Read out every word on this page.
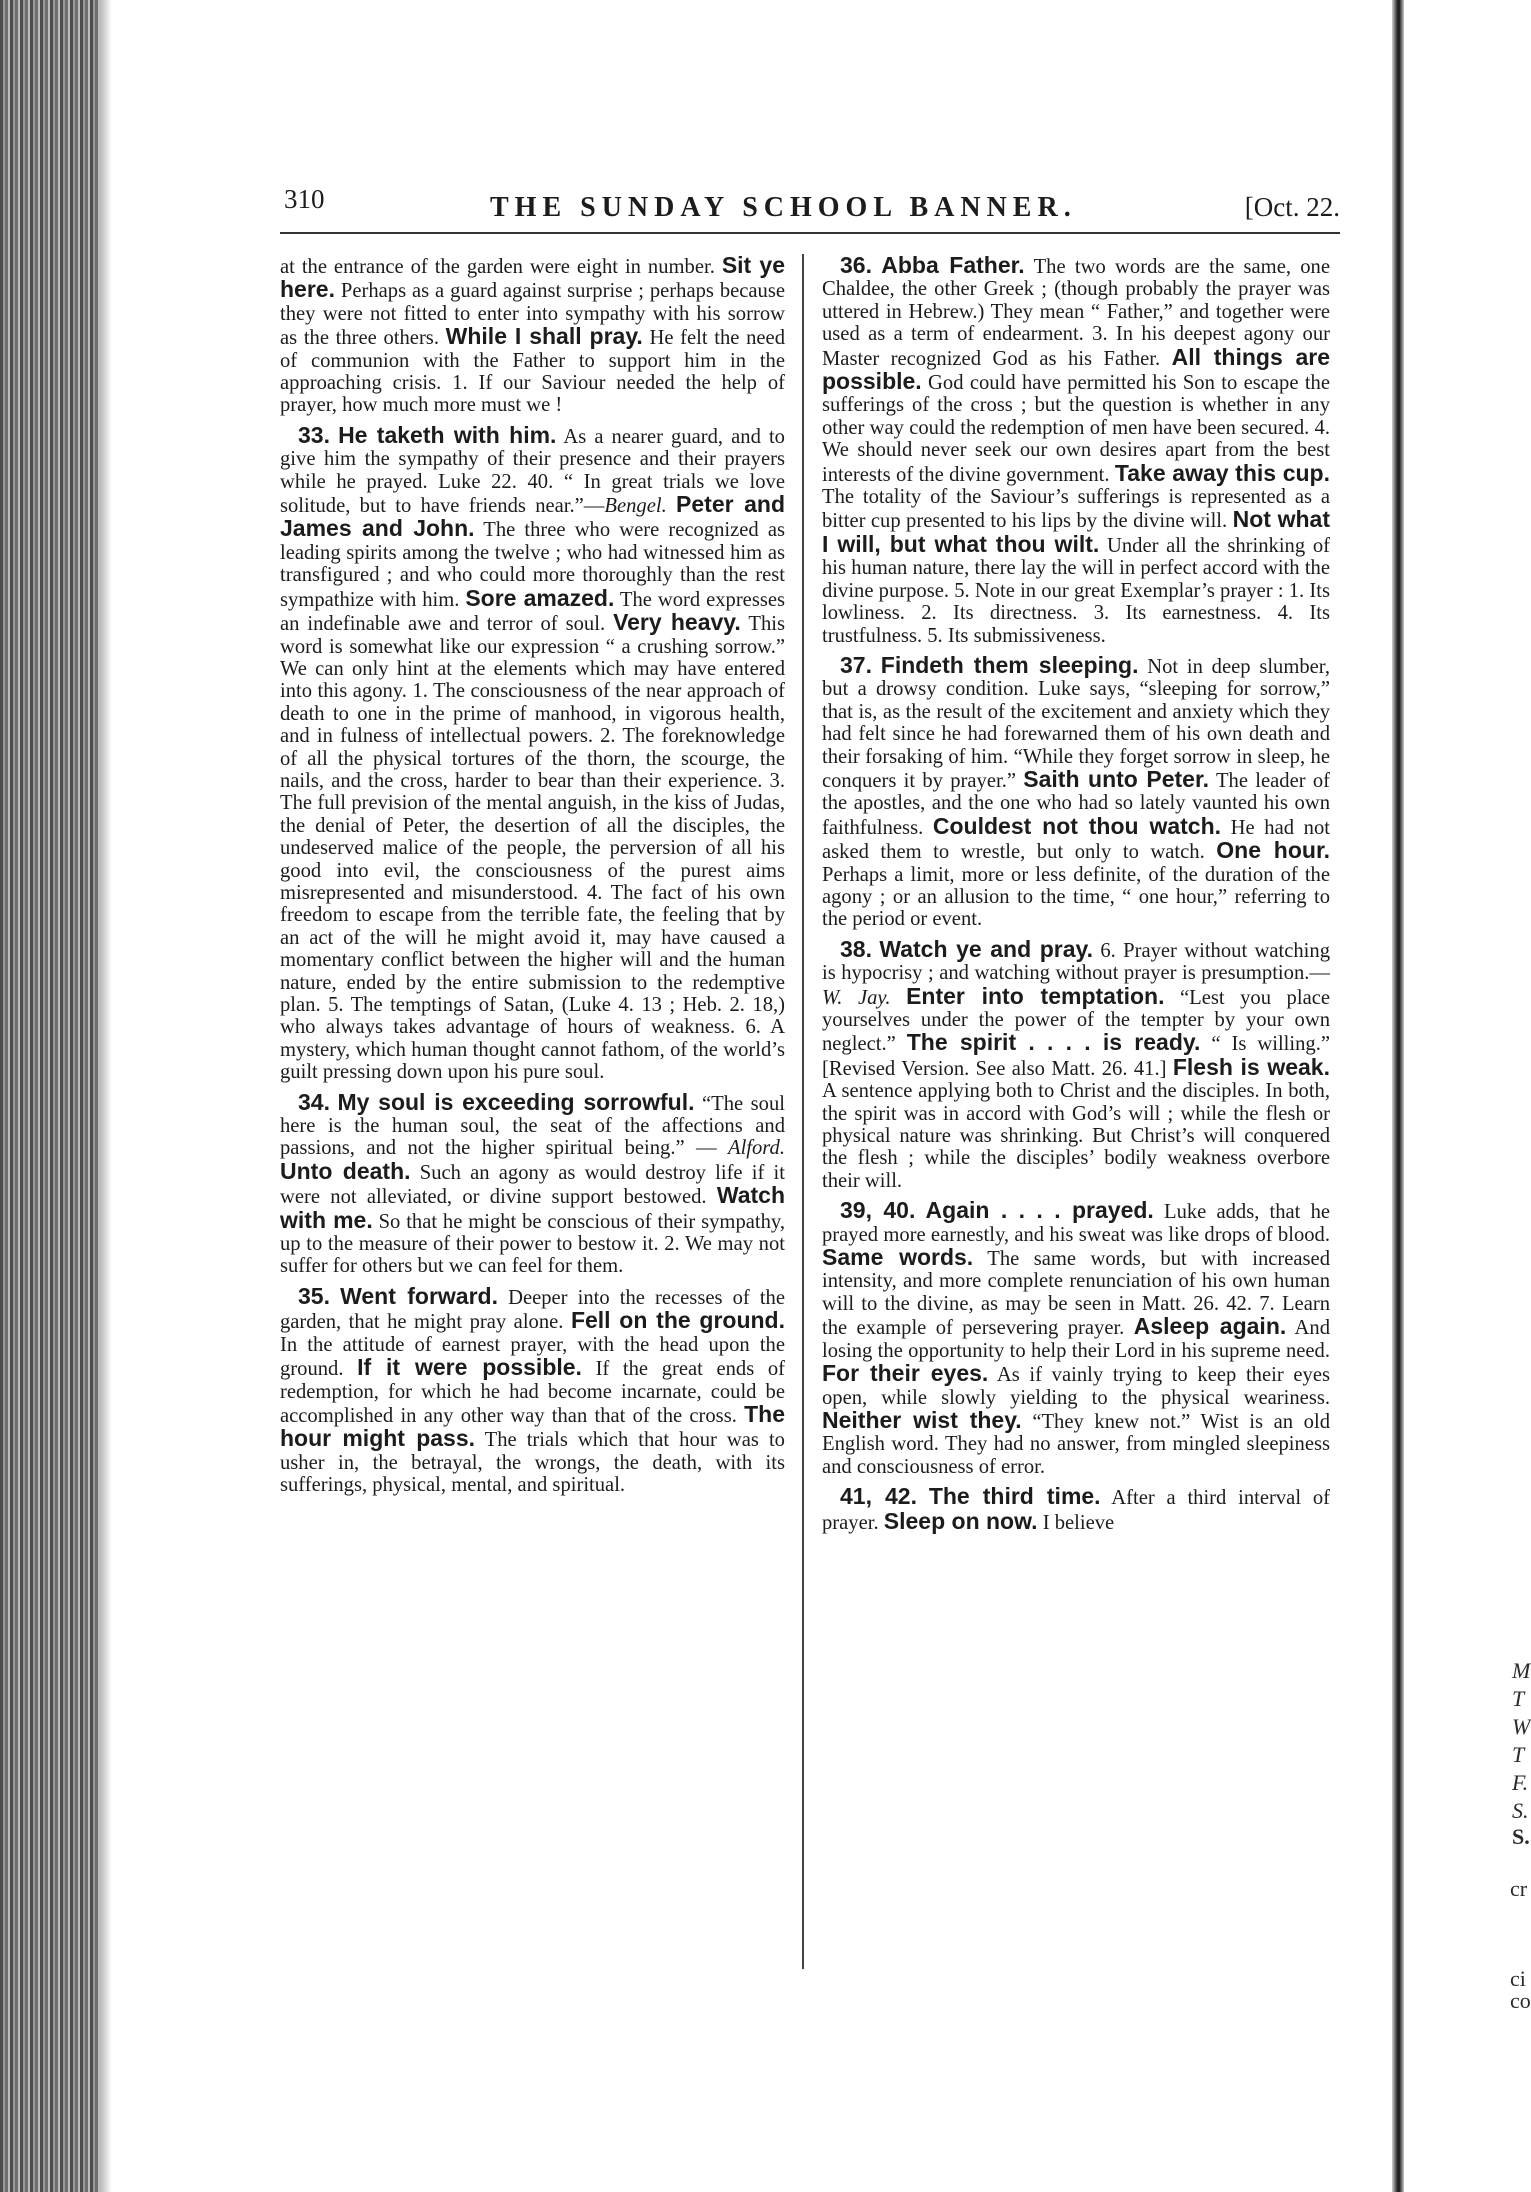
M
T
W
T
F.
S.
S.
cr
ci
co
310	THE SUNDAY SCHOOL BANNER.	[Oct. 22.

at the entrance of the garden were eight in number. Sit ye here. Perhaps as a guard against surprise ; perhaps because they were not fitted to enter into sympathy with his sorrow as the three others. While I shall pray. He felt the need of communion with the Father to support him in the approaching crisis. 1. If our Saviour needed the help of prayer, how much more must we !

33. He taketh with him. As a nearer guard, and to give him the sympathy of their presence and their prayers while he prayed. Luke 22. 40. “ In great trials we love solitude, but to have friends near.”—Bengel. Peter and James and John. The three who were recognized as leading spirits among the twelve ; who had witnessed him as transfigured ; and who could more thoroughly than the rest sympathize with him. Sore amazed. The word expresses an indefinable awe and terror of soul. Very heavy. This word is somewhat like our expression “ a crushing sorrow.” We can only hint at the elements which may have entered into this agony. 1. The consciousness of the near approach of death to one in the prime of manhood, in vigorous health, and in fulness of intellectual powers. 2. The foreknowledge of all the physical tortures of the thorn, the scourge, the nails, and the cross, harder to bear than their experience. 3. The full prevision of the mental anguish, in the kiss of Judas, the denial of Peter, the desertion of all the disciples, the undeserved malice of the people, the perversion of all his good into evil, the consciousness of the purest aims misrepresented and misunderstood. 4. The fact of his own freedom to escape from the terrible fate, the feeling that by an act of the will he might avoid it, may have caused a momentary conflict between the higher will and the human nature, ended by the entire submission to the redemptive plan. 5. The temptings of Satan, (Luke 4. 13 ; Heb. 2. 18,) who always takes advantage of hours of weakness. 6. A mystery, which human thought cannot fathom, of the world’s guilt pressing down upon his pure soul.

34. My soul is exceeding sorrowful. “The soul here is the human soul, the seat of the affections and passions, and not the higher spiritual being.” — Alford. Unto death. Such an agony as would destroy life if it were not alleviated, or divine support bestowed. Watch with me. So that he might be conscious of their sympathy, up to the measure of their power to bestow it. 2. We may not suffer for others but we can feel for them.

35. Went forward. Deeper into the recesses of the garden, that he might pray alone. Fell on the ground. In the attitude of earnest prayer, with the head upon the ground. If it were possible. If the great ends of redemption, for which he had become incarnate, could be accomplished in any other way than that of the cross. The hour might pass. The trials which that hour was to usher in, the betrayal, the wrongs, the death, with its sufferings, physical, mental, and spiritual.

36. Abba Father. The two words are the same, one Chaldee, the other Greek ; (though probably the prayer was uttered in Hebrew.) They mean “ Father,” and together were used as a term of endearment. 3. In his deepest agony our Master recognized God as his Father. All things are possible. God could have permitted his Son to escape the sufferings of the cross ; but the question is whether in any other way could the redemption of men have been secured. 4. We should never seek our own desires apart from the best interests of the divine government. Take away this cup. The totality of the Saviour’s sufferings is represented as a bitter cup presented to his lips by the divine will. Not what I will, but what thou wilt. Under all the shrinking of his human nature, there lay the will in perfect accord with the divine purpose. 5. Note in our great Exemplar’s prayer : 1. Its lowliness. 2. Its directness. 3. Its earnestness. 4. Its trustfulness. 5. Its submissiveness.

37. Findeth them sleeping. Not in deep slumber, but a drowsy condition. Luke says, “sleeping for sorrow,” that is, as the result of the excitement and anxiety which they had felt since he had forewarned them of his own death and their forsaking of him. “While they forget sorrow in sleep, he conquers it by prayer.” Saith unto Peter. The leader of the apostles, and the one who had so lately vaunted his own faithfulness. Couldest not thou watch. He had not asked them to wrestle, but only to watch. One hour. Perhaps a limit, more or less definite, of the duration of the agony ; or an allusion to the time, “ one hour,” referring to the period or event.

38. Watch ye and pray. 6. Prayer without watching is hypocrisy ; and watching without prayer is presumption.—W. Jay. Enter into temptation. “Lest you place yourselves under the power of the tempter by your own neglect.” The spirit . . . . is ready. “ Is willing.” [Revised Version. See also Matt. 26. 41.] Flesh is weak. A sentence applying both to Christ and the disciples. In both, the spirit was in accord with God’s will ; while the flesh or physical nature was shrinking. But Christ’s will conquered the flesh ; while the disciples’ bodily weakness overbore their will.

39, 40. Again . . . . prayed. Luke adds, that he prayed more earnestly, and his sweat was like drops of blood. Same words. The same words, but with increased intensity, and more complete renunciation of his own human will to the divine, as may be seen in Matt. 26. 42. 7. Learn the example of persevering prayer. Asleep again. And losing the opportunity to help their Lord in his supreme need. For their eyes. As if vainly trying to keep their eyes open, while slowly yielding to the physical weariness. Neither wist they. “They knew not.” Wist is an old English word. They had no answer, from mingled sleepiness and consciousness of error.

41, 42. The third time. After a third interval of prayer. Sleep on now. I believe
